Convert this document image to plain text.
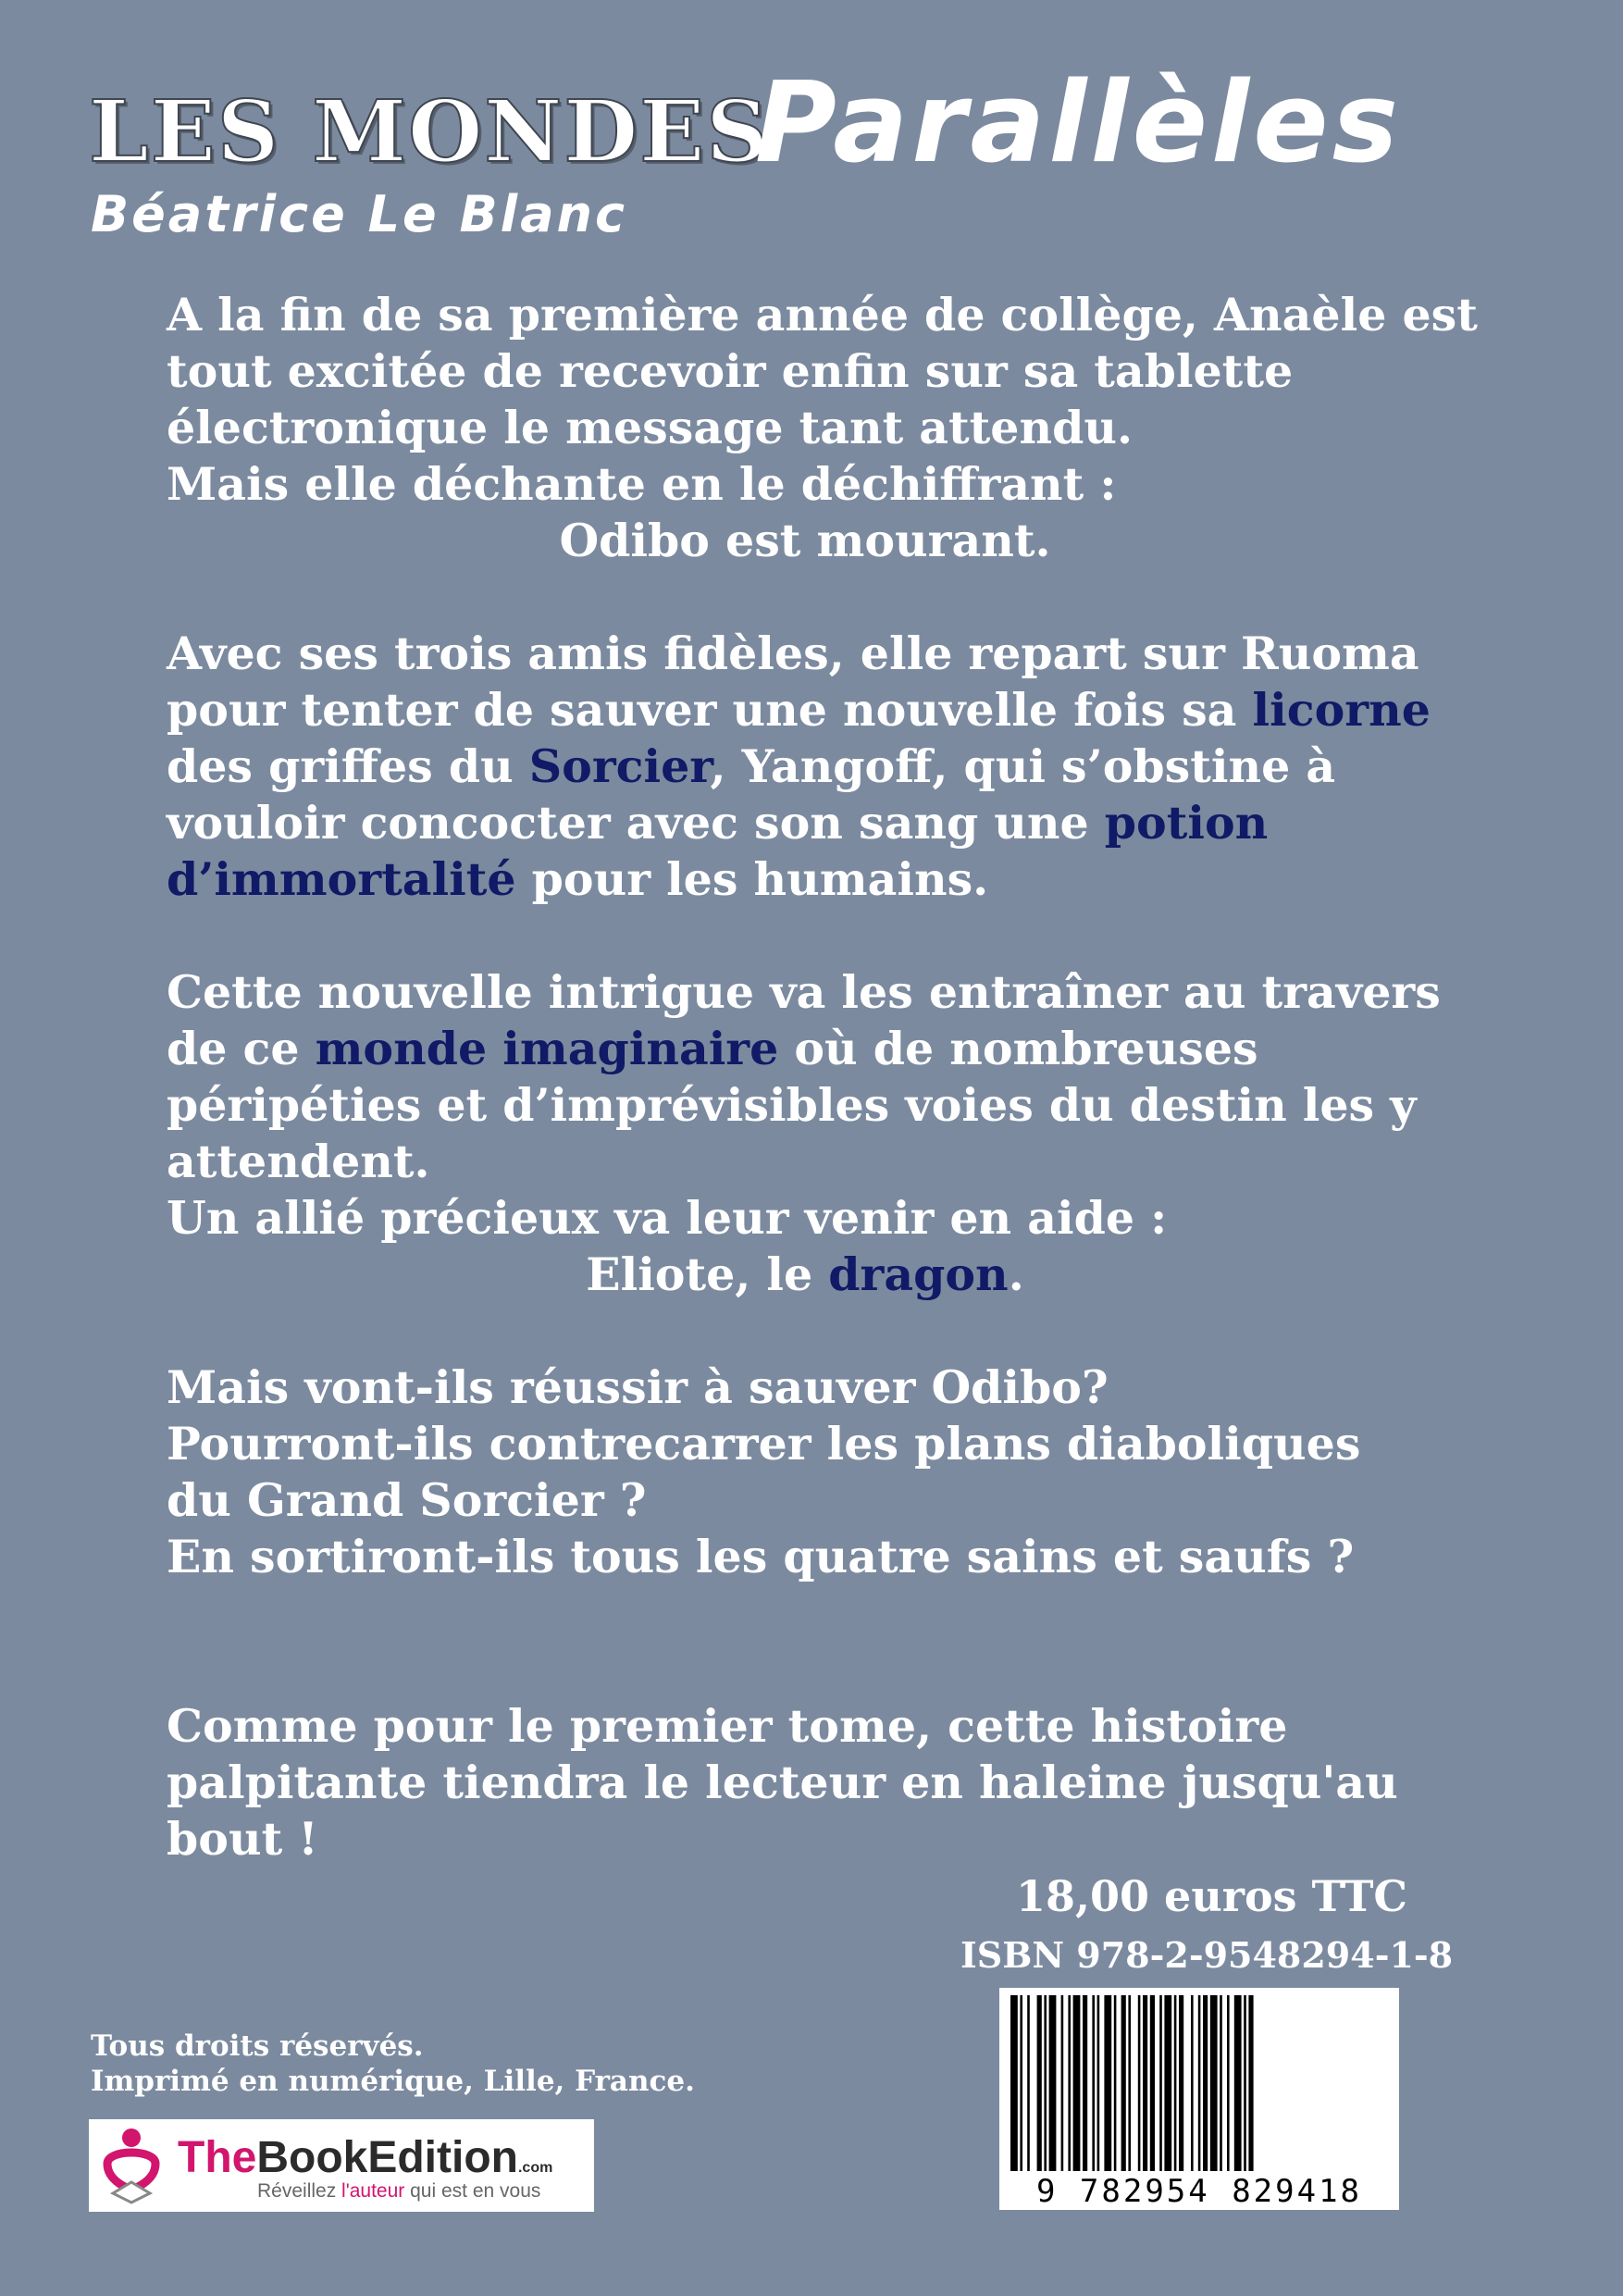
LES MONDES
Parallèles
Béatrice Le Blanc

A la fin de sa première année de collège, Anaèle est

tout excitée de recevoir enfin sur sa tablette

électronique le message tant attendu.

Mais elle déchante en le déchiffrant :

Odibo est mourant.

Avec ses trois amis fidèles, elle repart sur Ruoma

pour tenter de sauver une nouvelle fois sa licorne

des griffes du Sorcier, Yangoff, qui s’obstine à

vouloir concocter avec son sang une potion

d’immortalité pour les humains.

Cette nouvelle intrigue va les entraîner au travers

de ce monde imaginaire où de nombreuses

péripéties et d’imprévisibles voies du destin les y

attendent.

Un allié précieux va leur venir en aide :

Eliote, le dragon.

Mais vont-ils réussir à sauver Odibo?

Pourront-ils contrecarrer les plans diaboliques

du Grand Sorcier ?

En sortiront-ils tous les quatre sains et saufs ?

Comme pour le premier tome, cette histoire

palpitante tiendra le lecteur en haleine jusqu'au

bout !

18,00 euros TTC
ISBN 978-2-9548294-1-8
9 782954 829418

Tous droits réservés.

Imprimé en numérique, Lille, France.

TheBookEdition.com
Réveillez l'auteur qui est en vous
